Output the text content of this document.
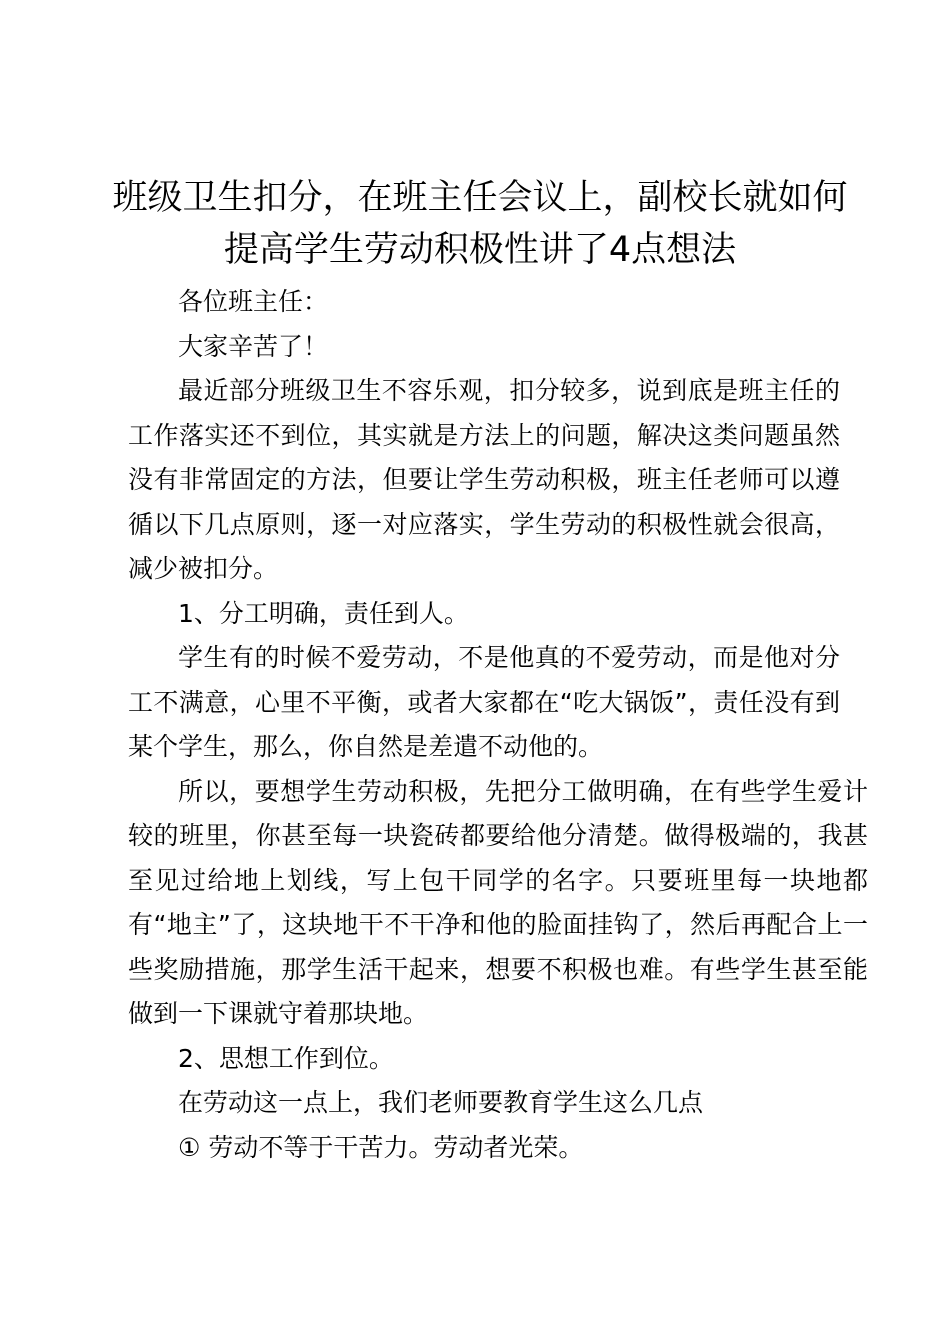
班级卫生扣分，在班主任会议上，副校长就如何提高学生劳动积极性讲了4点想法

各位班主任：

大家辛苦了！

最近部分班级卫生不容乐观，扣分较多，说到底是班主任的工作落实还不到位，其实就是方法上的问题，解决这类问题虽然没有非常固定的方法，但要让学生劳动积极，班主任老师可以遵循以下几点原则，逐一对应落实，学生劳动的积极性就会很高，减少被扣分。

1、分工明确，责任到人。

学生有的时候不爱劳动，不是他真的不爱劳动，而是他对分工不满意，心里不平衡，或者大家都在“吃大锅饭”，责任没有到某个学生，那么，你自然是差遣不动他的。

所以，要想学生劳动积极，先把分工做明确，在有些学生爱计较的班里，你甚至每一块瓷砖都要给他分清楚。做得极端的，我甚至见过给地上划线，写上包干同学的名字。只要班里每一块地都有“地主”了，这块地干不干净和他的脸面挂钩了，然后再配合上一些奖励措施，那学生活干起来，想要不积极也难。有些学生甚至能做到一下课就守着那块地。

2、思想工作到位。

在劳动这一点上，我们老师要教育学生这么几点

① 劳动不等于干苦力。劳动者光荣。
